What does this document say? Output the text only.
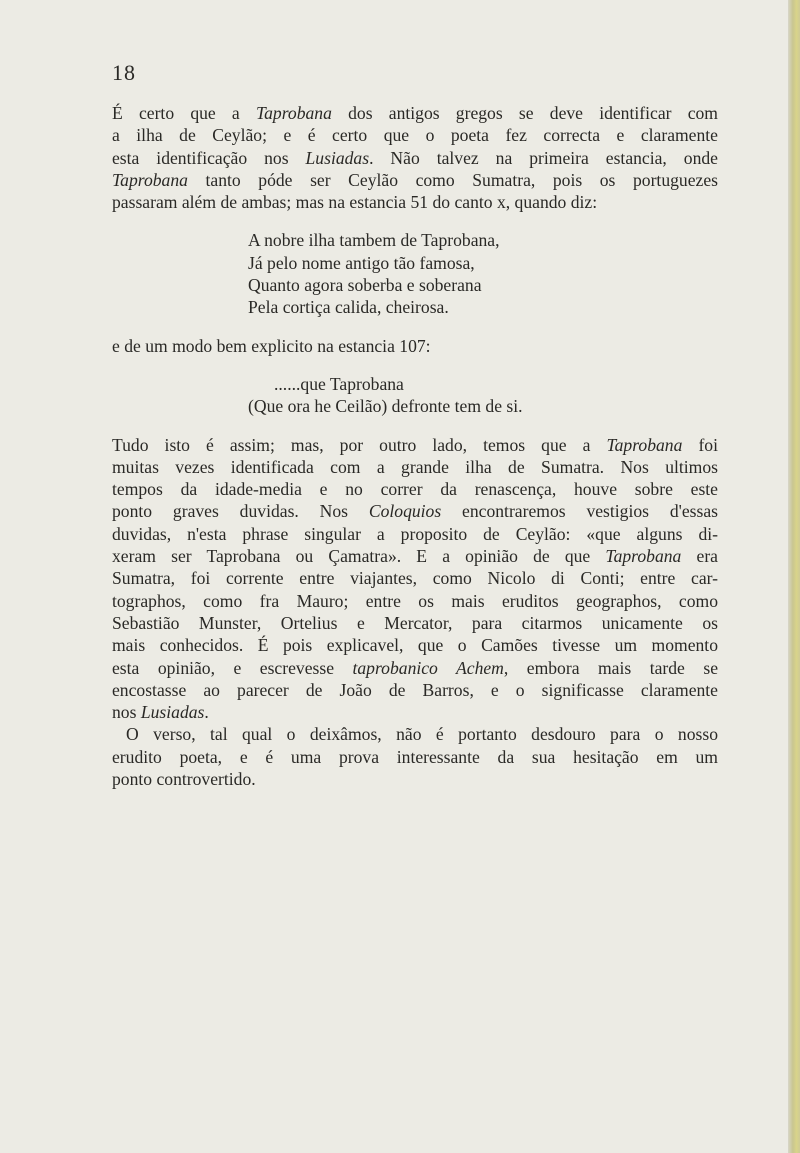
18
É certo que a Taprobana dos antigos gregos se deve identificar com
a ilha de Ceylão; e é certo que o poeta fez correcta e claramente
esta identificação nos Lusiadas. Não talvez na primeira estancia, onde
Taprobana tanto póde ser Ceylão como Sumatra, pois os portuguezes
passaram além de ambas; mas na estancia 51 do canto x, quando diz:
A nobre ilha tambem de Taprobana,
Já pelo nome antigo tão famosa,
Quanto agora soberba e soberana
Pela cortiça calida, cheirosa.
e de um modo bem explicito na estancia 107:
......que Taprobana
(Que ora he Ceilão) defronte tem de si.
Tudo isto é assim; mas, por outro lado, temos que a Taprobana foi
muitas vezes identificada com a grande ilha de Sumatra. Nos ultimos
tempos da idade-media e no correr da renascença, houve sobre este
ponto graves duvidas. Nos Coloquios encontraremos vestigios d'essas
duvidas, n'esta phrase singular a proposito de Ceylão: «que alguns di-
xeram ser Taprobana ou Çamatra». E a opinião de que Taprobana era
Sumatra, foi corrente entre viajantes, como Nicolo di Conti; entre car-
tographos, como fra Mauro; entre os mais eruditos geographos, como
Sebastião Munster, Ortelius e Mercator, para citarmos unicamente os
mais conhecidos. É pois explicavel, que o Camões tivesse um momento
esta opinião, e escrevesse taprobanico Achem, embora mais tarde se
encostasse ao parecer de João de Barros, e o significasse claramente
nos Lusiadas.
O verso, tal qual o deixâmos, não é portanto desdouro para o nosso
erudito poeta, e é uma prova interessante da sua hesitação em um
ponto controvertido.
